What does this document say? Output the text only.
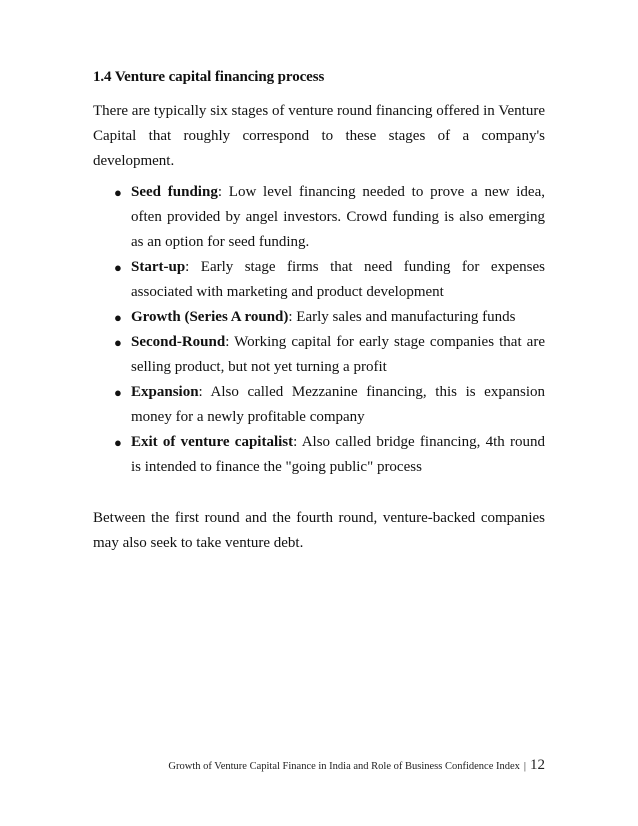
1.4 Venture capital financing process
There are typically six stages of venture round financing offered in Venture Capital that roughly correspond to these stages of a company's development.
● Seed funding: Low level financing needed to prove a new idea, often provided by angel investors. Crowd funding is also emerging as an option for seed funding.
● Start-up: Early stage firms that need funding for expenses associated with marketing and product development
● Growth (Series A round): Early sales and manufacturing funds
● Second-Round: Working capital for early stage companies that are selling product, but not yet turning a profit
● Expansion: Also called Mezzanine financing, this is expansion money for a newly profitable company
● Exit of venture capitalist: Also called bridge financing, 4th round is intended to finance the "going public" process
Between the first round and the fourth round, venture-backed companies may also seek to take venture debt.
Growth of Venture Capital Finance in India and Role of Business Confidence Index | 12
